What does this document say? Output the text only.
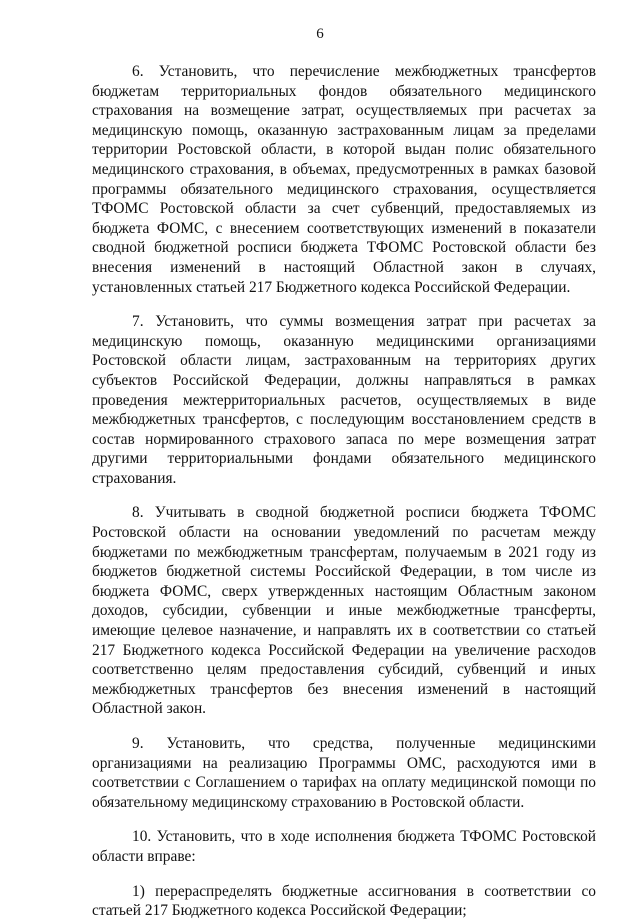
6

6. Установить, что перечисление межбюджетных трансфертов бюджетам территориальных фондов обязательного медицинского страхования на возмещение затрат, осуществляемых при расчетах за медицинскую помощь, оказанную застрахованным лицам за пределами территории Ростовской области, в которой выдан полис обязательного медицинского страхования, в объемах, предусмотренных в рамках базовой программы обязательного медицинского страхования, осуществляется ТФОМС Ростовской области за счет субвенций, предоставляемых из бюджета ФОМС, с внесением соответствующих изменений в показатели сводной бюджетной росписи бюджета ТФОМС Ростовской области без внесения изменений в настоящий Областной закон в случаях, установленных статьей 217 Бюджетного кодекса Российской Федерации.

7. Установить, что суммы возмещения затрат при расчетах за медицинскую помощь, оказанную медицинскими организациями Ростовской области лицам, застрахованным на территориях других субъектов Российской Федерации, должны направляться в рамках проведения межтерриториальных расчетов, осуществляемых в виде межбюджетных трансфертов, с последующим восстановлением средств в состав нормированного страхового запаса по мере возмещения затрат другими территориальными фондами обязательного медицинского страхования.

8. Учитывать в сводной бюджетной росписи бюджета ТФОМС Ростовской области на основании уведомлений по расчетам между бюджетами по межбюджетным трансфертам, получаемым в 2021 году из бюджетов бюджетной системы Российской Федерации, в том числе из бюджета ФОМС, сверх утвержденных настоящим Областным законом доходов, субсидии, субвенции и иные межбюджетные трансферты, имеющие целевое назначение, и направлять их в соответствии со статьей 217 Бюджетного кодекса Российской Федерации на увеличение расходов соответственно целям предоставления субсидий, субвенций и иных межбюджетных трансфертов без внесения изменений в настоящий Областной закон.

9. Установить, что средства, полученные медицинскими организациями на реализацию Программы ОМС, расходуются ими в соответствии с Соглашением о тарифах на оплату медицинской помощи по обязательному медицинскому страхованию в Ростовской области.

10. Установить, что в ходе исполнения бюджета ТФОМС Ростовской области вправе:

1) перераспределять бюджетные ассигнования в соответствии со статьей 217 Бюджетного кодекса Российской Федерации;
